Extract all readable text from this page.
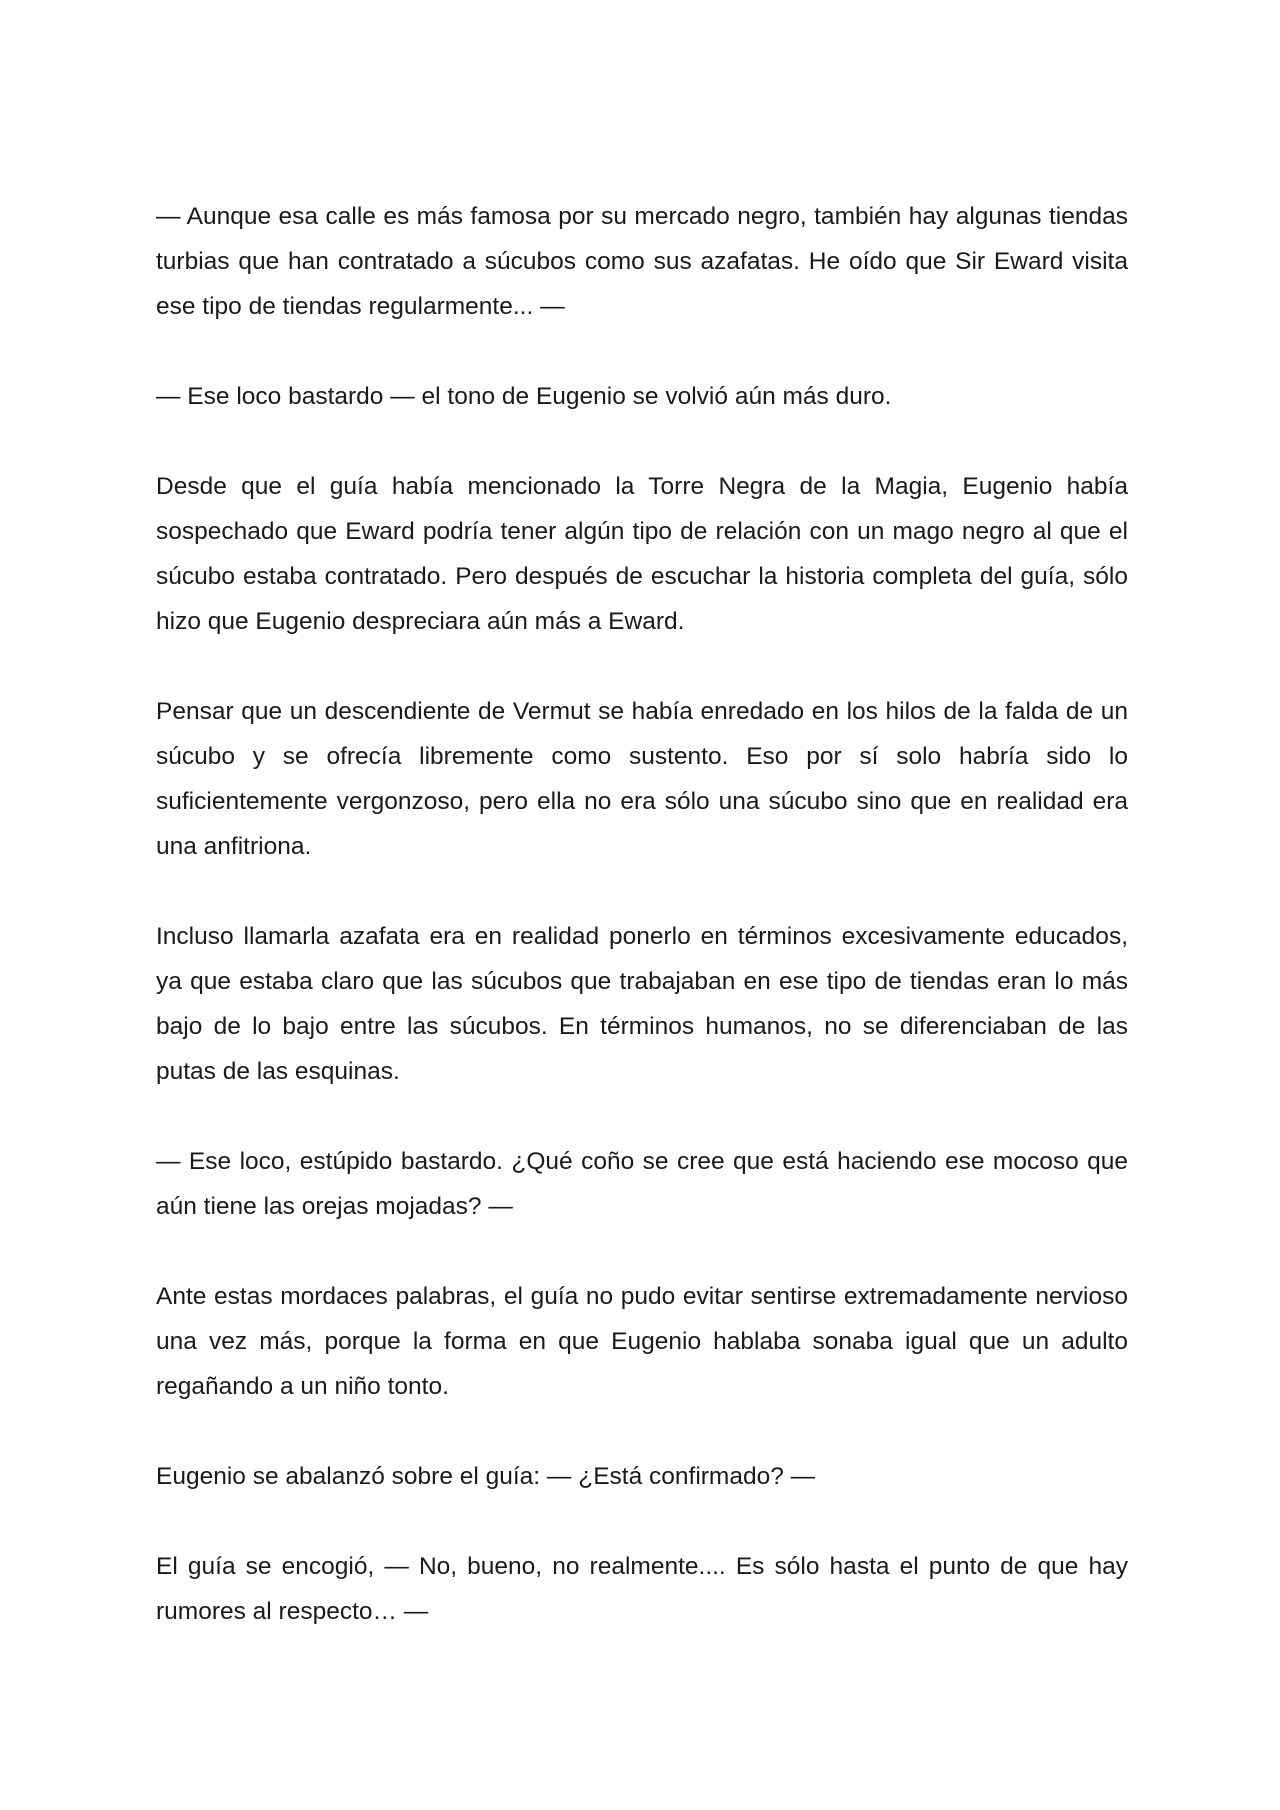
— Aunque esa calle es más famosa por su mercado negro, también hay algunas tiendas turbias que han contratado a súcubos como sus azafatas. He oído que Sir Eward visita ese tipo de tiendas regularmente... —

— Ese loco bastardo — el tono de Eugenio se volvió aún más duro.

Desde que el guía había mencionado la Torre Negra de la Magia, Eugenio había sospechado que Eward podría tener algún tipo de relación con un mago negro al que el súcubo estaba contratado. Pero después de escuchar la historia completa del guía, sólo hizo que Eugenio despreciara aún más a Eward.

Pensar que un descendiente de Vermut se había enredado en los hilos de la falda de un súcubo y se ofrecía libremente como sustento. Eso por sí solo habría sido lo suficientemente vergonzoso, pero ella no era sólo una súcubo sino que en realidad era una anfitriona.

Incluso llamarla azafata era en realidad ponerlo en términos excesivamente educados, ya que estaba claro que las súcubos que trabajaban en ese tipo de tiendas eran lo más bajo de lo bajo entre las súcubos. En términos humanos, no se diferenciaban de las putas de las esquinas.

— Ese loco, estúpido bastardo. ¿Qué coño se cree que está haciendo ese mocoso que aún tiene las orejas mojadas? —

Ante estas mordaces palabras, el guía no pudo evitar sentirse extremadamente nervioso una vez más, porque la forma en que Eugenio hablaba sonaba igual que un adulto regañando a un niño tonto.

Eugenio se abalanzó sobre el guía: — ¿Está confirmado? —

El guía se encogió, — No, bueno, no realmente.... Es sólo hasta el punto de que hay rumores al respecto… —
